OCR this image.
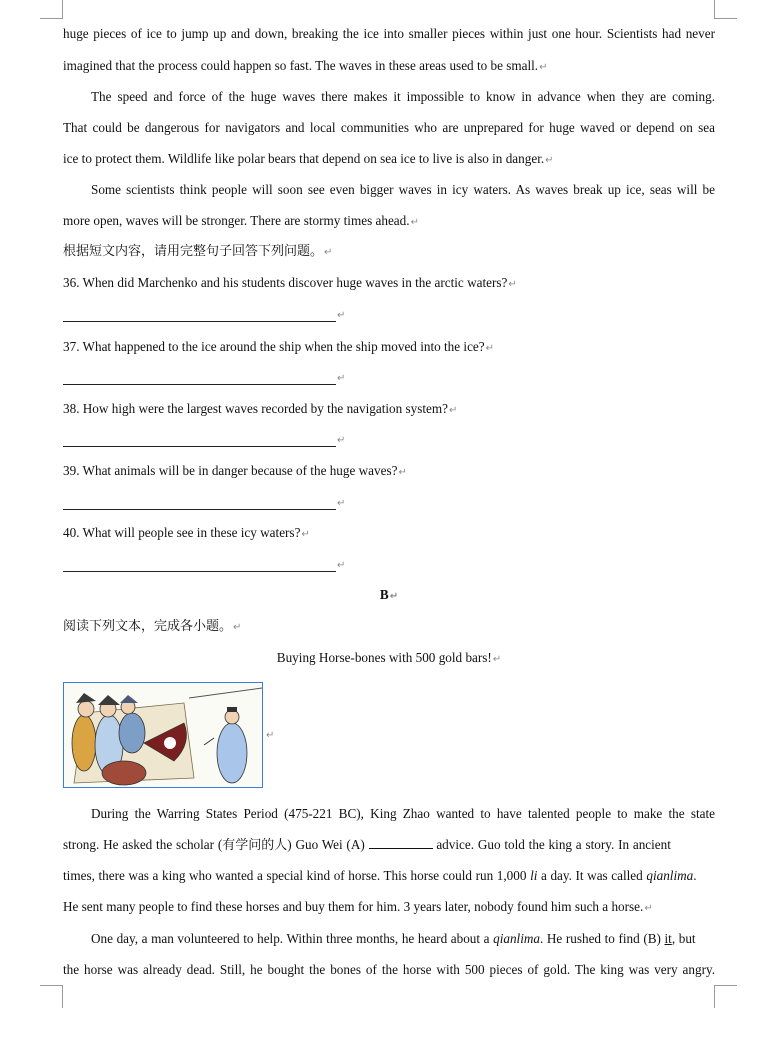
huge pieces of ice to jump up and down, breaking the ice into smaller pieces within just one hour. Scientists had never
imagined that the process could happen so fast. The waves in these areas used to be small.↵
The speed and force of the huge waves there makes it impossible to know in advance when they are coming.
That could be dangerous for navigators and local communities who are unprepared for huge waved or depend on sea
ice to protect them. Wildlife like polar bears that depend on sea ice to live is also in danger.↵
Some scientists think people will soon see even bigger waves in icy waters. As waves break up ice, seas will be
more open, waves will be stronger. There are stormy times ahead.↵
根据短文内容，请用完整句子回答下列问题。↵
36. When did Marchenko and his students discover huge waves in the arctic waters?↵
↵
37. What happened to the ice around the ship when the ship moved into the ice?↵
↵
38. How high were the largest waves recorded by the navigation system?↵
↵
39. What animals will be in danger because of the huge waves?↵
↵
40. What will people see in these icy waters?↵
↵
B↵
阅读下列文本，完成各小题。↵
Buying Horse-bones with 500 gold bars!↵
↵
During the Warring States Period (475-221 BC), King Zhao wanted to have talented people to make the state
strong. He asked the scholar (有学问的人) Guo Wei (A)	advice. Guo told the king a story. In ancient
times, there was a king who wanted a special kind of horse. This horse could run 1,000 li a day. It was called qianlima.
He sent many people to find these horses and buy them for him. 3 years later, nobody found him such a horse.↵
One day, a man volunteered to help. Within three months, he heard about a qianlima. He rushed to find (B) it, but
the horse was already dead. Still, he bought the bones of the horse with 500 pieces of gold. The king was very angry.
